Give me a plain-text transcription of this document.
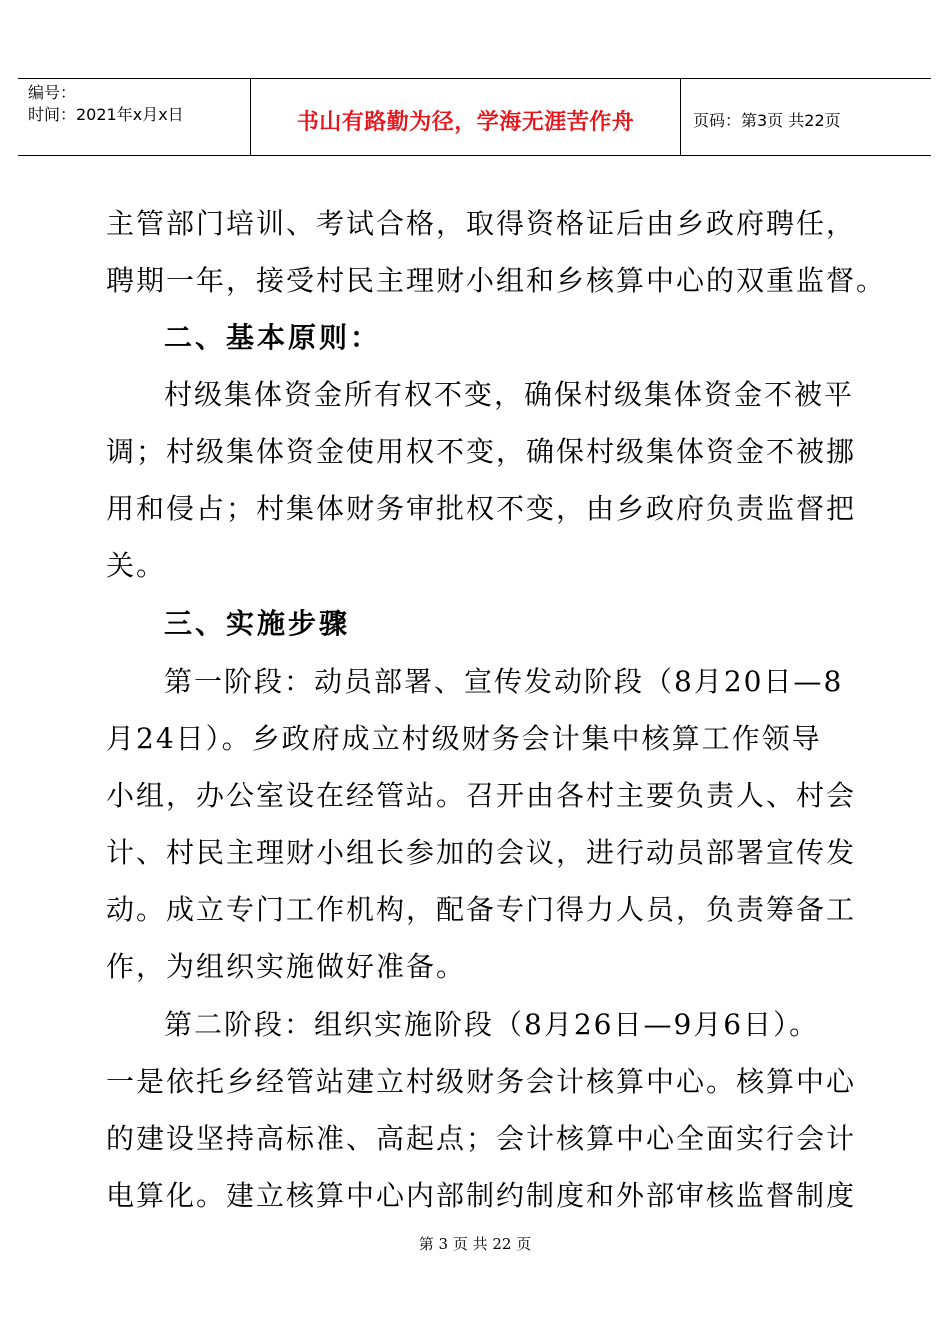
编号：
时间：2021年x月x日	书山有路勤为径，学海无涯苦作舟	页码：第3页 共22页
主管部门培训、考试合格，取得资格证后由乡政府聘任，
聘期一年，接受村民主理财小组和乡核算中心的双重监督。
二、基本原则：
村级集体资金所有权不变，确保村级集体资金不被平
调；村级集体资金使用权不变，确保村级集体资金不被挪
用和侵占；村集体财务审批权不变，由乡政府负责监督把
关。
三、实施步骤
第一阶段：动员部署、宣传发动阶段（8月20日—8
月24日）。乡政府成立村级财务会计集中核算工作领导
小组，办公室设在经管站。召开由各村主要负责人、村会
计、村民主理财小组长参加的会议，进行动员部署宣传发
动。成立专门工作机构，配备专门得力人员，负责筹备工
作，为组织实施做好准备。
第二阶段：组织实施阶段（8月26日—9月6日）。
一是依托乡经管站建立村级财务会计核算中心。核算中心
的建设坚持高标准、高起点；会计核算中心全面实行会计
电算化。建立核算中心内部制约制度和外部审核监督制度
第 3 页 共 22 页
